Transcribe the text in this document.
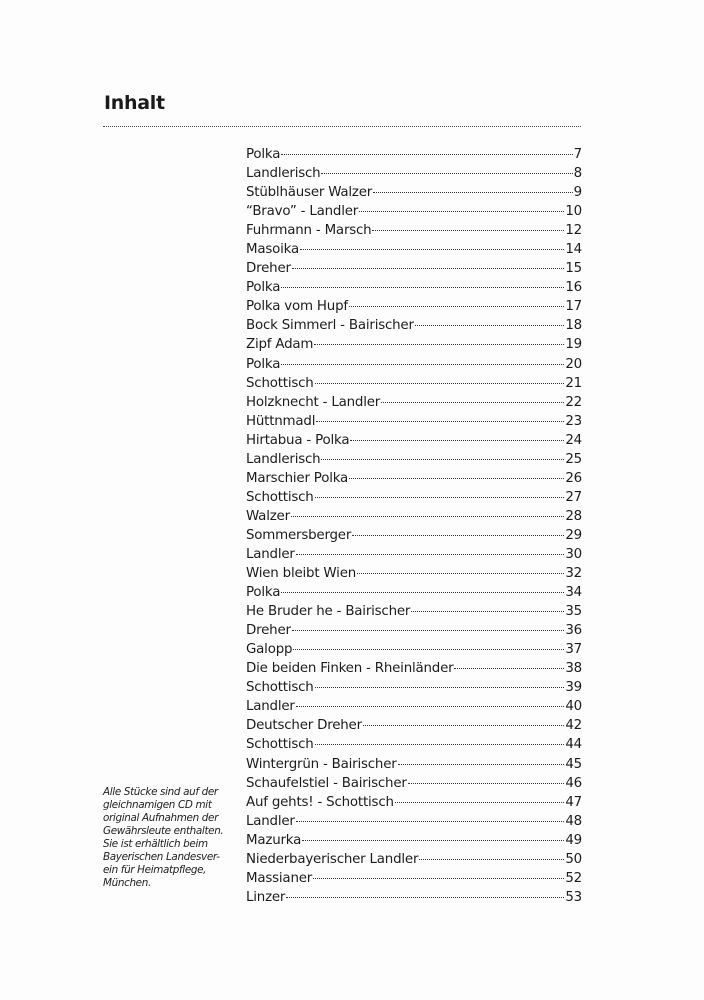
Inhalt
Polka	7
Landlerisch	8
Stüblhäuser Walzer	9
“Bravo” - Landler	10
Fuhrmann - Marsch	12
Masoika	14
Dreher	15
Polka	16
Polka vom Hupf	17
Bock Simmerl - Bairischer	18
Zipf Adam	19
Polka	20
Schottisch	21
Holzknecht - Landler	22
Hüttnmadl	23
Hirtabua - Polka	24
Landlerisch	25
Marschier Polka	26
Schottisch	27
Walzer	28
Sommersberger	29
Landler	30
Wien bleibt Wien	32
Polka	34
He Bruder he - Bairischer	35
Dreher	36
Galopp	37
Die beiden Finken - Rheinländer	38
Schottisch	39
Landler	40
Deutscher Dreher	42
Schottisch	44
Wintergrün - Bairischer	45
Schaufelstiel - Bairischer	46
Auf gehts! - Schottisch	47
Landler	48
Mazurka	49
Niederbayerischer Landler	50
Massianer	52
Linzer	53

Alle Stücke sind auf der gleichnamigen CD mit original Aufnahmen der Gewährsleute enthalten. Sie ist erhältlich beim Bayerischen Landesver-ein für Heimatpflege, München.
